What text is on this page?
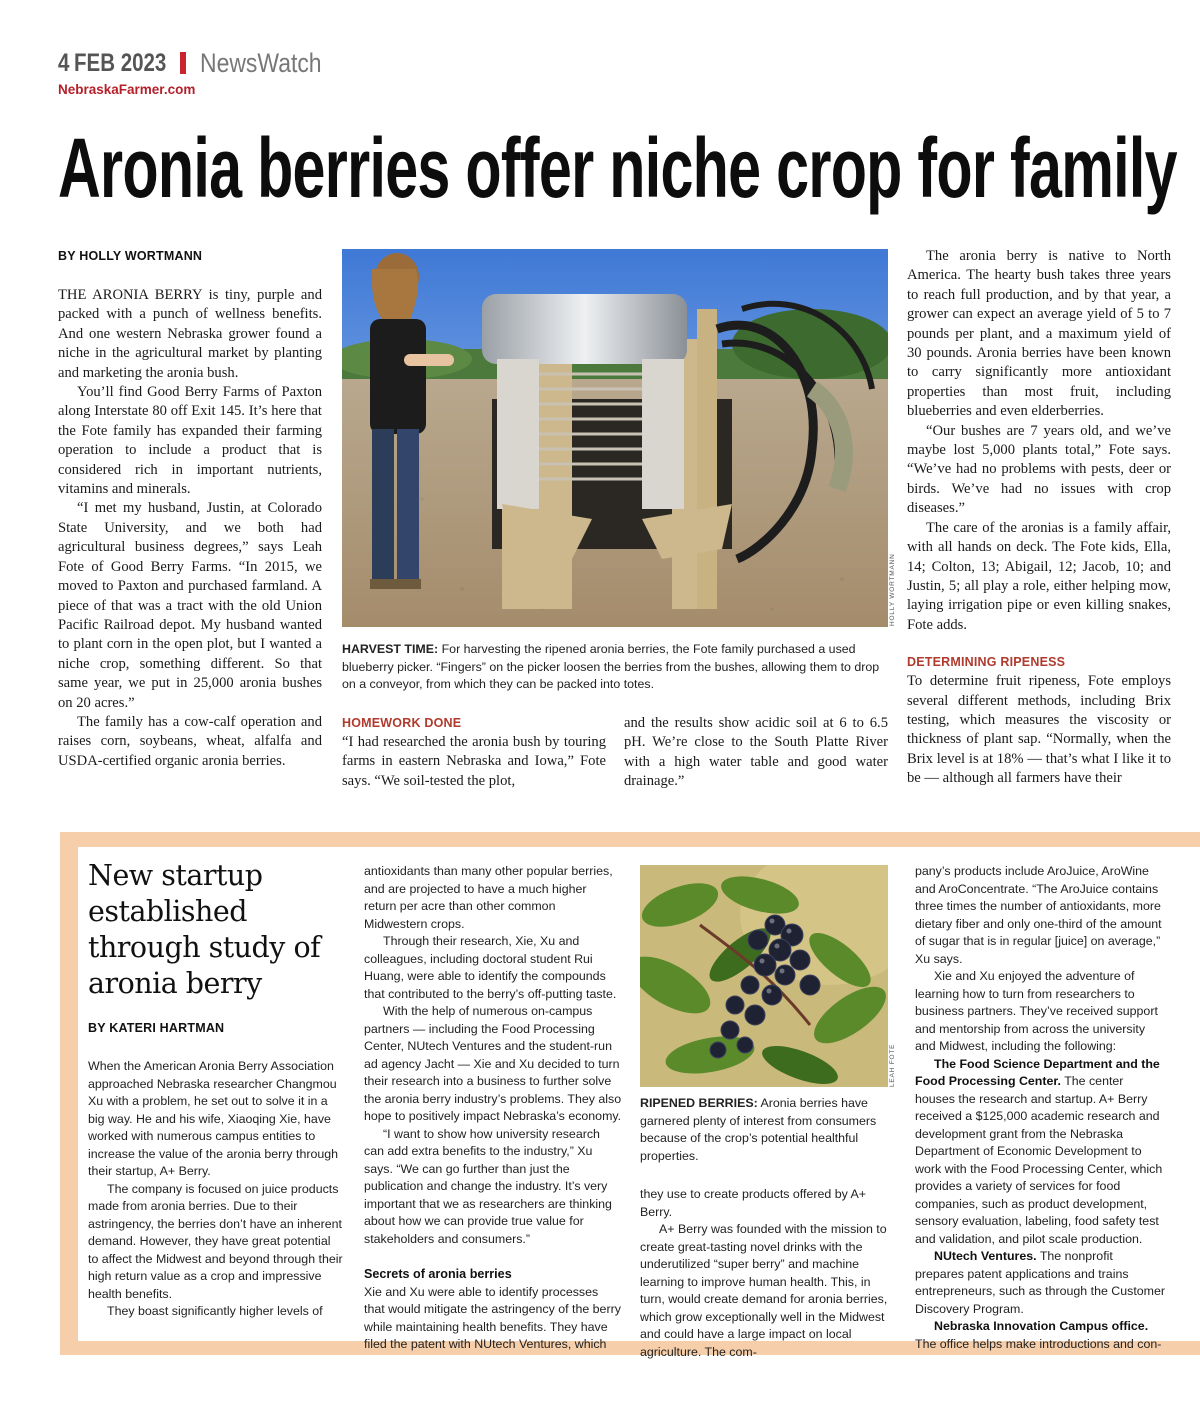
4 FEB 2023 NewsWatch
NebraskaFarmer.com
Aronia berries offer niche crop for family
BY HOLLY WORTMANN

THE ARONIA BERRY is tiny, purple and packed with a punch of wellness benefits. And one western Nebraska grower found a niche in the agricultural market by planting and marketing the aronia bush.

You’ll find Good Berry Farms of Paxton along Interstate 80 off Exit 145. It’s here that the Fote family has expanded their farming operation to include a product that is considered rich in important nutrients, vitamins and minerals.

“I met my husband, Justin, at Colorado State University, and we both had agricultural business degrees,” says Leah Fote of Good Berry Farms. “In 2015, we moved to Paxton and purchased farmland. A piece of that was a tract with the old Union Pacific Railroad depot. My husband wanted to plant corn in the open plot, but I wanted a niche crop, something different. So that same year, we put in 25,000 aronia bushes on 20 acres.”

The family has a cow-calf operation and raises corn, soybeans, wheat, alfalfa and USDA-certified organic aronia berries.

HOLLY WORTMANN
HARVEST TIME: For harvesting the ripened aronia berries, the Fote family purchased a used blueberry picker. “Fingers” on the picker loosen the berries from the bushes, allowing them to drop on a conveyor, from which they can be packed into totes.
HOMEWORK DONE

“I had researched the aronia bush by touring farms in eastern Nebraska and Iowa,” Fote says. “We soil-tested the plot,

and the results show acidic soil at 6 to 6.5 pH. We’re close to the South Platte River with a high water table and good water drainage.”

The aronia berry is native to North America. The hearty bush takes three years to reach full production, and by that year, a grower can expect an average yield of 5 to 7 pounds per plant, and a maximum yield of 30 pounds. Aronia berries have been known to carry significantly more antioxidant properties than most fruit, including blueberries and even elderberries.

“Our bushes are 7 years old, and we’ve maybe lost 5,000 plants total,” Fote says. “We’ve had no problems with pests, deer or birds. We’ve had no issues with crop diseases.”

The care of the aronias is a family affair, with all hands on deck. The Fote kids, Ella, 14; Colton, 13; Abigail, 12; Jacob, 10; and Justin, 5; all play a role, either helping mow, laying irrigation pipe or even killing snakes, Fote adds.

DETERMINING RIPENESS

To determine fruit ripeness, Fote employs several different methods, including Brix testing, which measures the viscosity or thickness of plant sap. “Normally, when the Brix level is at 18% — that’s what I like it to be — although all farmers have their

New startup established through study of aronia berry
BY KATERI HARTMAN

When the American Aronia Berry Association approached Nebraska researcher Changmou Xu with a problem, he set out to solve it in a big way. He and his wife, Xiaoqing Xie, have worked with numerous campus entities to increase the value of the aronia berry through their startup, A+ Berry.

The company is focused on juice products made from aronia berries. Due to their astringency, the berries don’t have an inherent demand. However, they have great potential to affect the Midwest and beyond through their high return value as a crop and impressive health benefits.

They boast significantly higher levels of

antioxidants than many other popular berries, and are projected to have a much higher return per acre than other common Midwestern crops.

Through their research, Xie, Xu and colleagues, including doctoral student Rui Huang, were able to identify the compounds that contributed to the berry’s off-putting taste.

With the help of numerous on-campus partners — including the Food Processing Center, NUtech Ventures and the student-run ad agency Jacht — Xie and Xu decided to turn their research into a business to further solve the aronia berry industry’s problems. They also hope to positively impact Nebraska’s economy.

“I want to show how university research can add extra benefits to the industry,” Xu says. “We can go further than just the publication and change the industry. It’s very important that we as researchers are thinking about how we can provide true value for stakeholders and consumers.”

Secrets of aronia berries

Xie and Xu were able to identify processes that would mitigate the astringency of the berry while maintaining health benefits. They have filed the patent with NUtech Ventures, which

LEAH FOTE
RIPENED BERRIES: Aronia berries have garnered plenty of interest from consumers because of the crop’s potential healthful properties.

they use to create products offered by A+ Berry.

A+ Berry was founded with the mission to create great-tasting novel drinks with the underutilized “super berry” and machine learning to improve human health. This, in turn, would create demand for aronia berries, which grow exceptionally well in the Midwest and could have a large impact on local agriculture. The com-

pany’s products include AroJuice, AroWine and AroConcentrate. “The AroJuice contains three times the number of antioxidants, more dietary fiber and only one-third of the amount of sugar that is in regular [juice] on average,” Xu says.

Xie and Xu enjoyed the adventure of learning how to turn from researchers to business partners. They’ve received support and mentorship from across the university and Midwest, including the following:

The Food Science Department and the Food Processing Center. The center houses the research and startup. A+ Berry received a $125,000 academic research and development grant from the Nebraska Department of Economic Development to work with the Food Processing Center, which provides a variety of services for food companies, such as product development, sensory evaluation, labeling, food safety test and validation, and pilot scale production.

NUtech Ventures. The nonprofit prepares patent applications and trains entrepreneurs, such as through the Customer Discovery Program.

Nebraska Innovation Campus office. The office helps make introductions and con-
